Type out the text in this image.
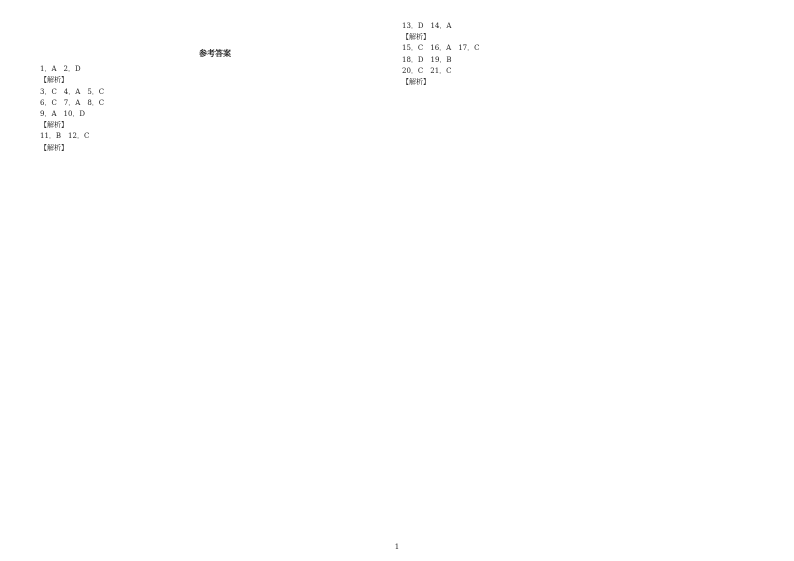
参考答案
1．A　2．D
【解析】
3．C　4．A　5．C
6．C　7．A　8．C
9．A　10．D
【解析】
11．B　12．C
【解析】
13．D　14．A
【解析】
15．C　16．A　17．C
18．D　19．B
20．C　21．C
【解析】
1
